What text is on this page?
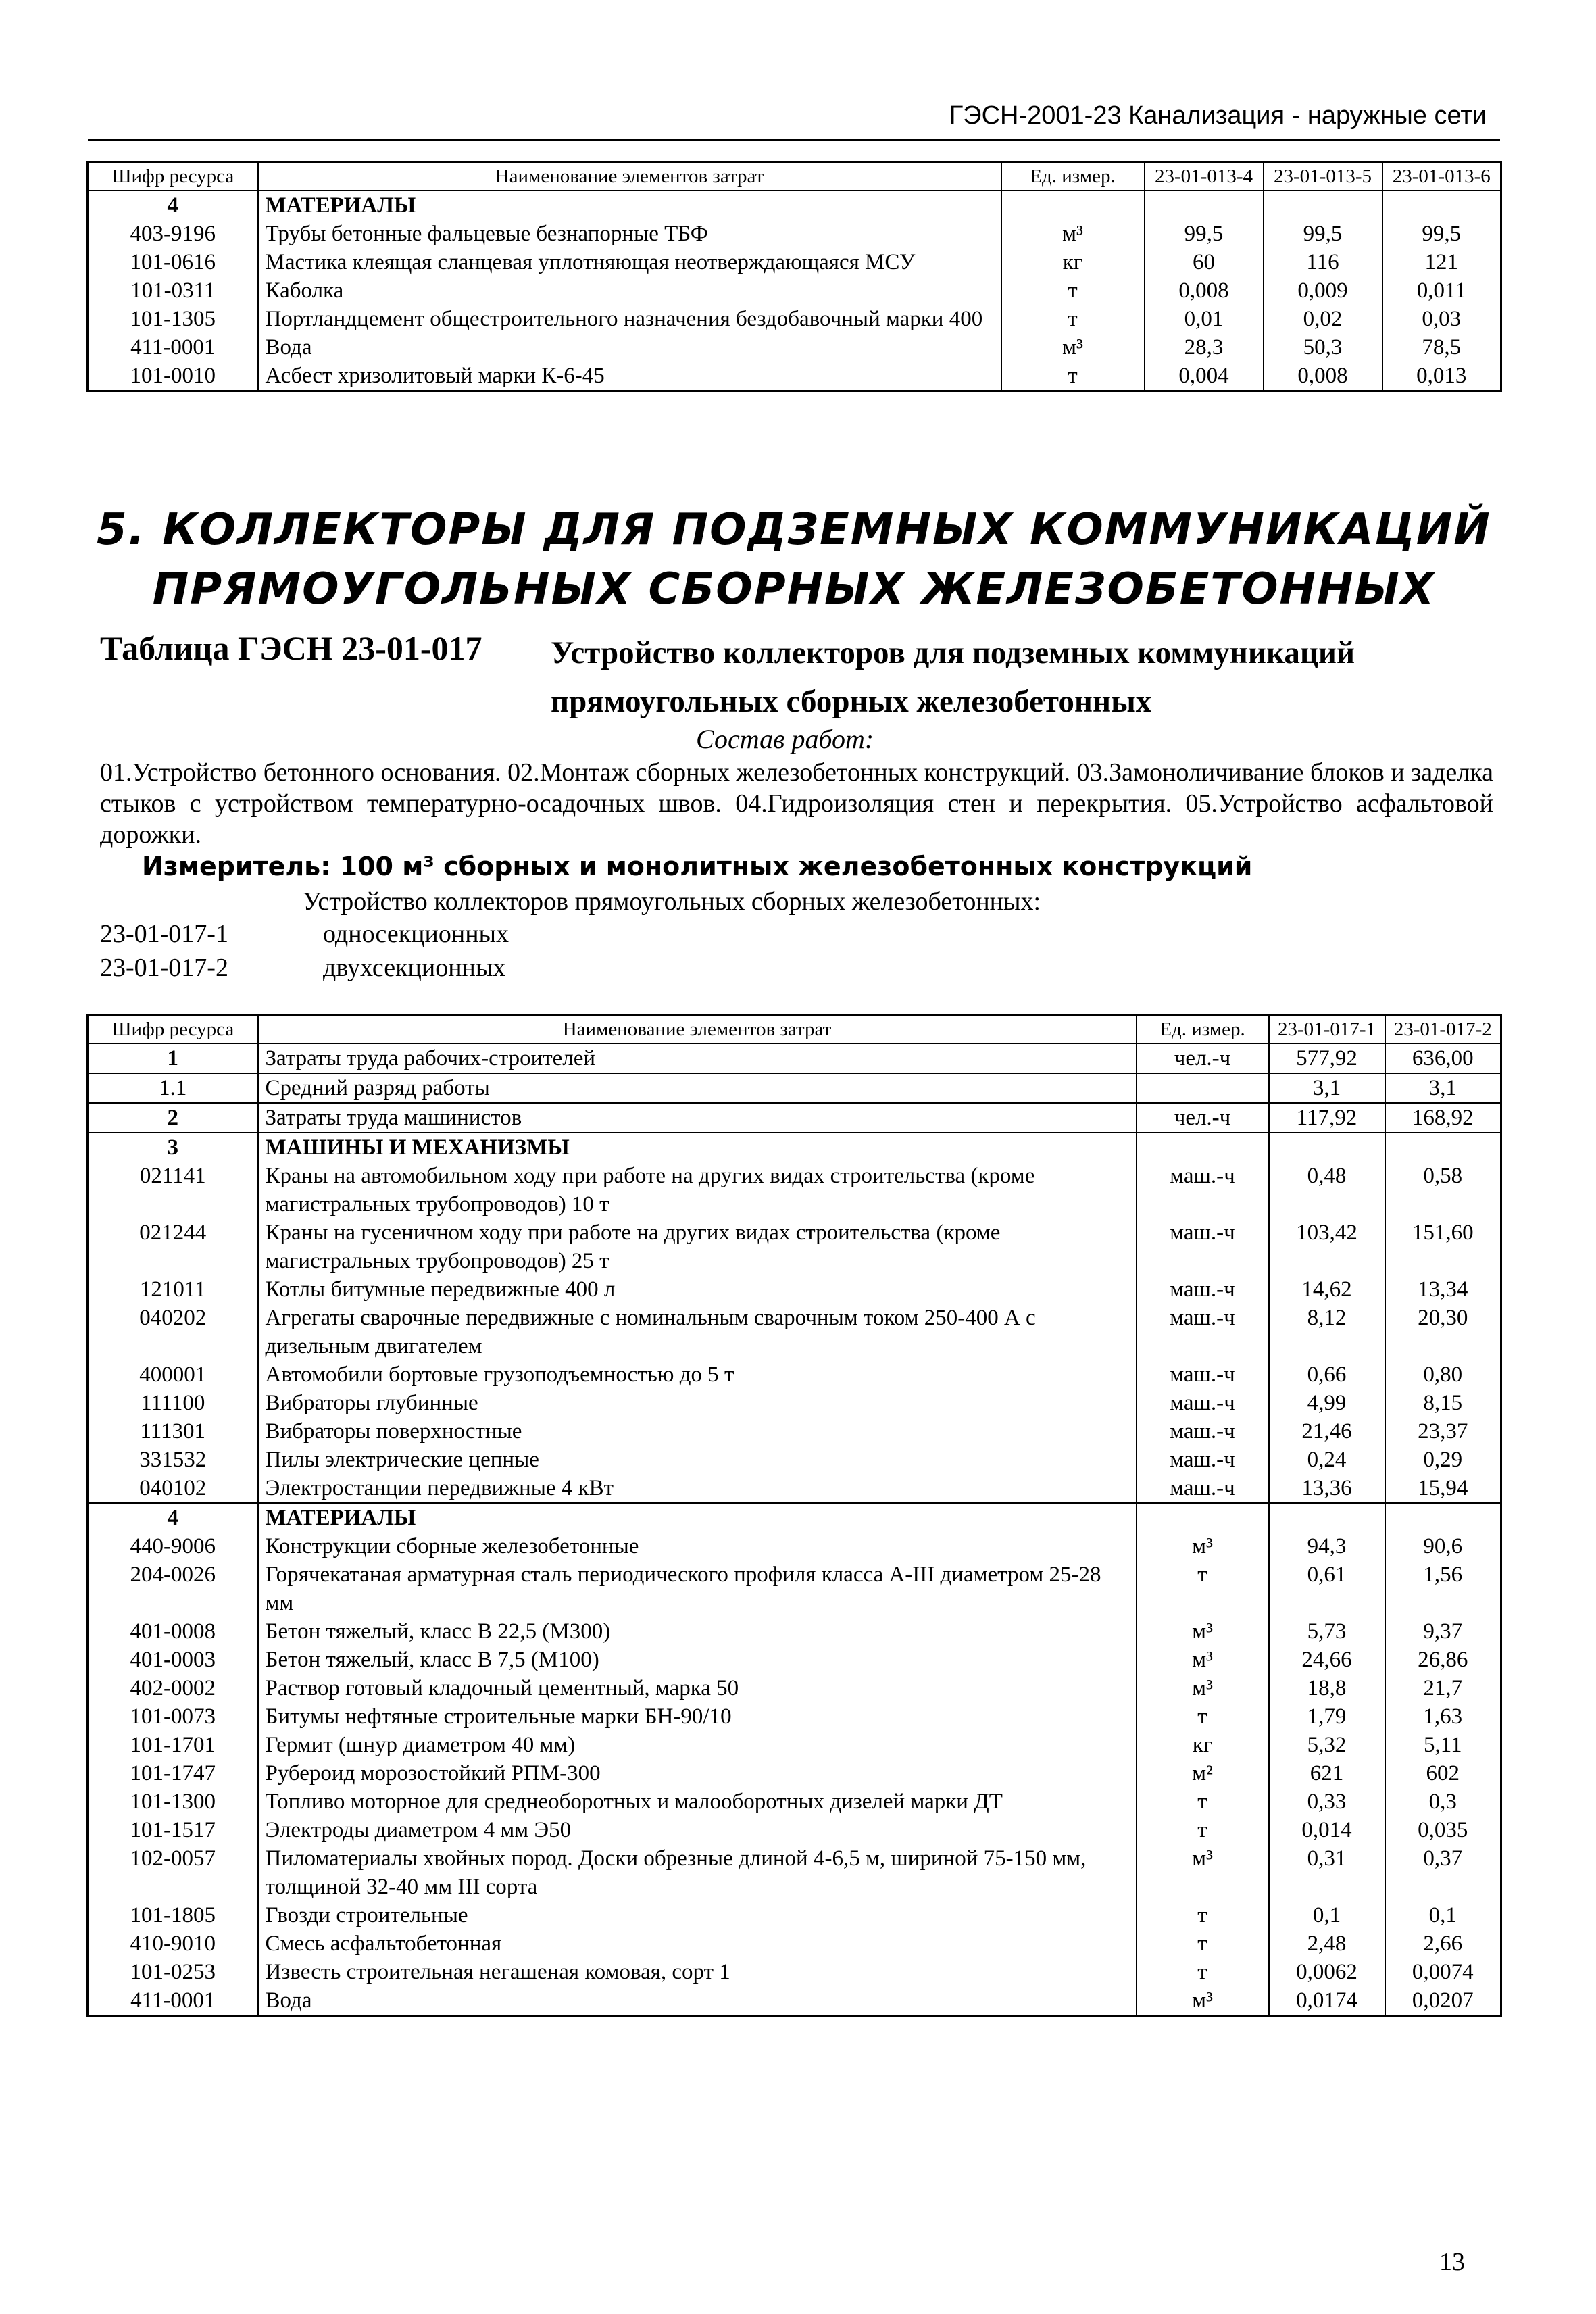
ГЭСН-2001-23 Канализация - наружные сети
Шифр ресурса	Наименование элементов затрат	Ед. измер.	23-01-013-4	23-01-013-5	23-01-013-6
4	МАТЕРИАЛЫ				
403-9196	Трубы бетонные фальцевые безнапорные ТБФ	м³	99,5	99,5	99,5
101-0616	Мастика клеящая сланцевая уплотняющая неотверждающаяся МСУ	кг	60	116	121
101-0311	Каболка	т	0,008	0,009	0,011
101-1305	Портландцемент общестроительного назначения бездобавочный марки 400	т	0,01	0,02	0,03
411-0001	Вода	м³	28,3	50,3	78,5
101-0010	Асбест хризолитовый марки К-6-45	т	0,004	0,008	0,013
5. КОЛЛЕКТОРЫ ДЛЯ ПОДЗЕМНЫХ КОММУНИКАЦИЙ
ПРЯМОУГОЛЬНЫХ СБОРНЫХ ЖЕЛЕЗОБЕТОННЫХ
Таблица ГЭСН 23-01-017 Устройство коллекторов для подземных коммуникаций прямоугольных сборных железобетонных
Состав работ:
01.Устройство бетонного основания. 02.Монтаж сборных железобетонных конструкций. 03.Замоноличивание блоков и заделка стыков с устройством температурно-осадочных швов. 04.Гидроизоляция стен и перекрытия. 05.Устройство асфальтовой дорожки.
Измеритель: 100 м³ сборных и монолитных железобетонных конструкций
Устройство коллекторов прямоугольных сборных железобетонных:
23-01-017-1	односекционных
23-01-017-2	двухсекционных
Шифр ресурса	Наименование элементов затрат	Ед. измер.	23-01-017-1	23-01-017-2
1	Затраты труда рабочих-строителей	чел.-ч	577,92	636,00
1.1	Средний разряд работы		3,1	3,1
2	Затраты труда машинистов	чел.-ч	117,92	168,92
3	МАШИНЫ И МЕХАНИЗМЫ			
021141	Краны на автомобильном ходу при работе на других видах строительства (кроме магистральных трубопроводов) 10 т	маш.-ч	0,48	0,58
021244	Краны на гусеничном ходу при работе на других видах строительства (кроме магистральных трубопроводов) 25 т	маш.-ч	103,42	151,60
121011	Котлы битумные передвижные 400 л	маш.-ч	14,62	13,34
040202	Агрегаты сварочные передвижные с номинальным сварочным током 250-400 А с дизельным двигателем	маш.-ч	8,12	20,30
400001	Автомобили бортовые грузоподъемностью до 5 т	маш.-ч	0,66	0,80
111100	Вибраторы глубинные	маш.-ч	4,99	8,15
111301	Вибраторы поверхностные	маш.-ч	21,46	23,37
331532	Пилы электрические цепные	маш.-ч	0,24	0,29
040102	Электростанции передвижные 4 кВт	маш.-ч	13,36	15,94
4	МАТЕРИАЛЫ			
440-9006	Конструкции сборные железобетонные	м³	94,3	90,6
204-0026	Горячекатаная арматурная сталь периодического профиля класса А-III диаметром 25-28 мм	т	0,61	1,56
401-0008	Бетон тяжелый, класс В 22,5 (М300)	м³	5,73	9,37
401-0003	Бетон тяжелый, класс В 7,5 (М100)	м³	24,66	26,86
402-0002	Раствор готовый кладочный цементный, марка 50	м³	18,8	21,7
101-0073	Битумы нефтяные строительные марки БН-90/10	т	1,79	1,63
101-1701	Гермит (шнур диаметром 40 мм)	кг	5,32	5,11
101-1747	Рубероид морозостойкий РПМ-300	м²	621	602
101-1300	Топливо моторное для среднеоборотных и малооборотных дизелей марки ДТ	т	0,33	0,3
101-1517	Электроды диаметром 4 мм Э50	т	0,014	0,035
102-0057	Пиломатериалы хвойных пород. Доски обрезные длиной 4-6,5 м, шириной 75-150 мм, толщиной 32-40 мм III сорта	м³	0,31	0,37
101-1805	Гвозди строительные	т	0,1	0,1
410-9010	Смесь асфальтобетонная	т	2,48	2,66
101-0253	Известь строительная негашеная комовая, сорт 1	т	0,0062	0,0074
411-0001	Вода	м³	0,0174	0,0207
13
